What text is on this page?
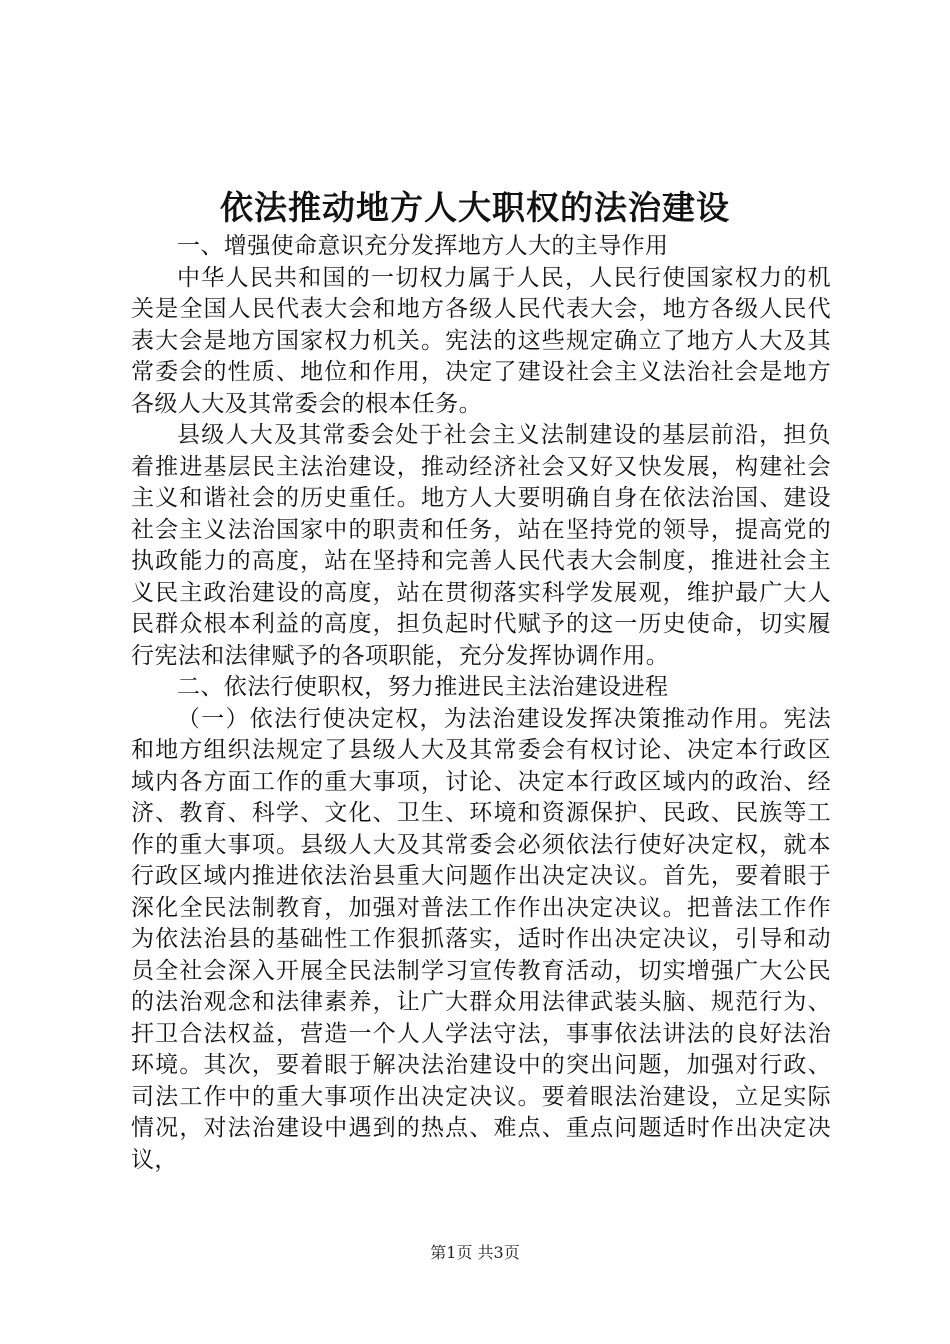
依法推动地方人大职权的法治建设

一、增强使命意识充分发挥地方人大的主导作用

中华人民共和国的一切权力属于人民，人民行使国家权力的机关是全国人民代表大会和地方各级人民代表大会，地方各级人民代表大会是地方国家权力机关。宪法的这些规定确立了地方人大及其常委会的性质、地位和作用，决定了建设社会主义法治社会是地方各级人大及其常委会的根本任务。

县级人大及其常委会处于社会主义法制建设的基层前沿，担负着推进基层民主法治建设，推动经济社会又好又快发展，构建社会主义和谐社会的历史重任。地方人大要明确自身在依法治国、建设社会主义法治国家中的职责和任务，站在坚持党的领导，提高党的执政能力的高度，站在坚持和完善人民代表大会制度，推进社会主义民主政治建设的高度，站在贯彻落实科学发展观，维护最广大人民群众根本利益的高度，担负起时代赋予的这一历史使命，切实履行宪法和法律赋予的各项职能，充分发挥协调作用。

二、依法行使职权，努力推进民主法治建设进程

（一）依法行使决定权，为法治建设发挥决策推动作用。宪法和地方组织法规定了县级人大及其常委会有权讨论、决定本行政区域内各方面工作的重大事项，讨论、决定本行政区域内的政治、经济、教育、科学、文化、卫生、环境和资源保护、民政、民族等工作的重大事项。县级人大及其常委会必须依法行使好决定权，就本行政区域内推进依法治县重大问题作出决定决议。首先，要着眼于深化全民法制教育，加强对普法工作作出决定决议。把普法工作作为依法治县的基础性工作狠抓落实，适时作出决定决议，引导和动员全社会深入开展全民法制学习宣传教育活动，切实增强广大公民的法治观念和法律素养，让广大群众用法律武装头脑、规范行为、扞卫合法权益，营造一个人人学法守法，事事依法讲法的良好法治环境。其次，要着眼于解决法治建设中的突出问题，加强对行政、司法工作中的重大事项作出决定决议。要着眼法治建设，立足实际情况，对法治建设中遇到的热点、难点、重点问题适时作出决定决议，

第1页 共3页
